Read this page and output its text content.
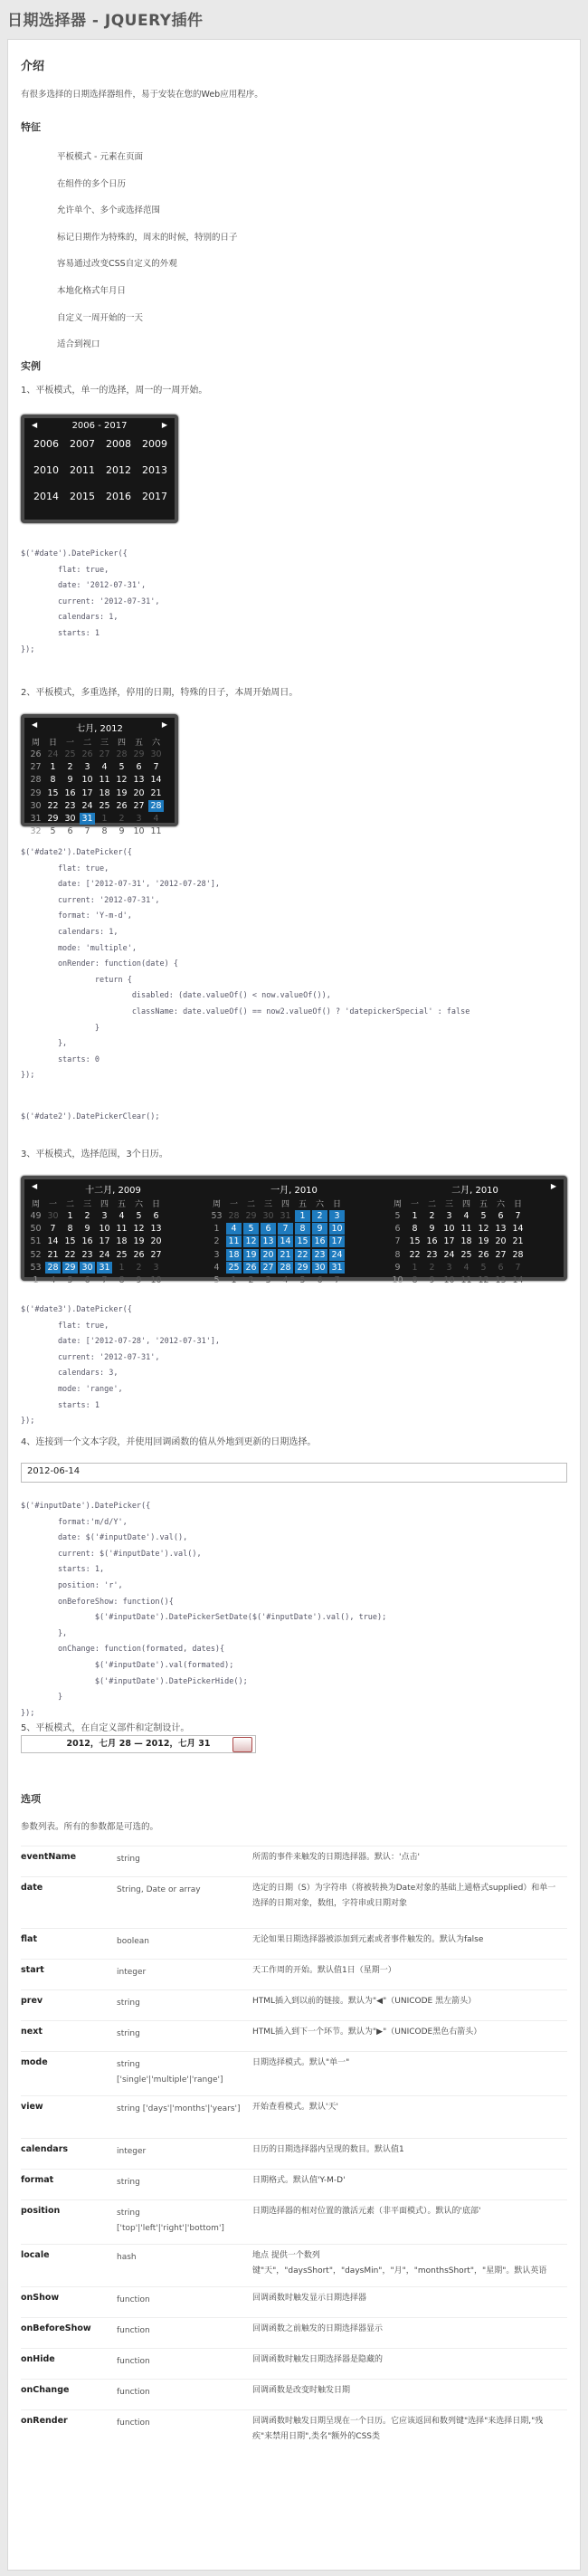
日期选择器 - JQUERY插件
介绍
有很多选择的日期选择器组件，易于安装在您的Web应用程序。
特征
平板模式 - 元素在页面
在组件的多个日历
允许单个、多个或选择范围
标记日期作为特殊的，周末的时候，特别的日子
容易通过改变CSS自定义的外观
本地化格式年月日
自定义一周开始的一天
适合到视口
实例
1、平板模式，单一的选择，周一的一周开始。
◀	2006 - 2017	▶
2006	2007	2008	2009
2010	2011	2012	2013
2014	2015	2016	2017
$('#date').DatePicker({
flat: true,
date: '2012-07-31',
current: '2012-07-31',
calendars: 1,
starts: 1
});
2、平板模式，多重选择，停用的日期，特殊的日子，本周开始周日。
◀	七月, 2012	▶
周	日	一	二	三	四	五	六
26 24 25 26 27 28 29 30
27	1	2	3	4	5	6	7
28	8	9	10 11 12 13 14
29 15 16 17 18 19 20 21
30 22 23 24 25 26 27 28
31 29 30 31	1	2	3	4
32	5	6	7	8	9	10 11
$('#date2').DatePicker({
flat: true,
date: ['2012-07-31', '2012-07-28'],
current: '2012-07-31',
format: 'Y-m-d',
calendars: 1,
mode: 'multiple',
onRender: function(date) {
return {
disabled: (date.valueOf() < now.valueOf()),
className: date.valueOf() == now2.valueOf() ? 'datepickerSpecial' : false
}
},
starts: 0
});
$('#date2').DatePickerClear();
3、平板模式，选择范围，3个日历。
◀	十二月, 2009
周	一	二	三	四	五	六	日
49 30	1	2	3	4	5	6
50	7	8	9	10 11 12 13
51 14 15 16 17 18 19 20
52 21 22 23 24 25 26 27
53 28 29 30 31	1	2	3
1	4	5	6	7	8	9	10
一月, 2010
周	一	二	三	四	五	六	日
53 28 29 30 31	1	2	3
1	4	5	6	7	8	9	10
2	11 12 13 14 15 16 17
3	18 19 20 21 22 23 24
4	25 26 27 28 29 30 31
5	1	2	3	4	5	6	7
二月, 2010	▶
周	一	二	三	四	五	六	日
5	1	2	3	4	5	6	7
6	8	9	10 11 12 13 14
7	15 16 17 18 19 20 21
8	22 23 24 25 26 27 28
9	1	2	3	4	5	6	7
10	8	9	10 11 12 13 14
$('#date3').DatePicker({
flat: true,
date: ['2012-07-28', '2012-07-31'],
current: '2012-07-31',
calendars: 3,
mode: 'range',
starts: 1
});
4、连接到一个文本字段，并使用回调函数的值从外地到更新的日期选择。
2012-06-14
$('#inputDate').DatePicker({
format:'m/d/Y',
date: $('#inputDate').val(),
current: $('#inputDate').val(),
starts: 1,
position: 'r',
onBeforeShow: function(){
$('#inputDate').DatePickerSetDate($('#inputDate').val(), true);
},
onChange: function(formated, dates){
$('#inputDate').val(formated);
$('#inputDate').DatePickerHide();
}
});
5、平板模式，在自定义部件和定制设计。
2012，七月 28 — 2012，七月 31
选项
参数列表。所有的参数都是可选的。
eventName	string	所需的事件来触发的日期选择器。默认：'点击'
date	String, Date or array	选定的日期（S）为字符串（将被转换为Date对象的基础上通格式supplied）和单一选择的日期对象，数组，字符串或日期对象
flat	boolean	无论如果日期选择器被添加到元素或者事件触发的。默认为false
start	integer	天工作周的开始。默认值1日（星期一）
prev	string	HTML插入到以前的链接。默认为"◀"（UNICODE 黑左箭头）
next	string	HTML插入到下一个环节。默认为"▶"（UNICODE黑色右箭头）
mode	string ['single'|'multiple'|'range']
日期选择模式。默认"单一"
view	string ['days'|'months'|'years']	开始查看模式。默认'天'
calendars	integer	日历的日期选择器内呈现的数目。默认值1
format	string	日期格式。默认值'Y-M-D'
position	string ['top'|'left'|'right'|'bottom']
日期选择器的相对位置的激活元素（非平面模式）。默认的'底部'
locale	hash	地点 提供一个数列键"天"，"daysShort"，"daysMin"，"月"，"monthsShort"，"星期"。默认英语
onShow	function	回调函数时触发显示日期选择器
onBeforeShow	function	回调函数之前触发的日期选择器显示
onHide	function	回调函数时触发日期选择器是隐藏的
onChange	function	回调函数是改变时触发日期
onRender	function	回调函数时触发日期呈现在一个日历。它应该返回和数列键"选择"来选择日期,"残疾"来禁用日期",类名"额外的CSS类
